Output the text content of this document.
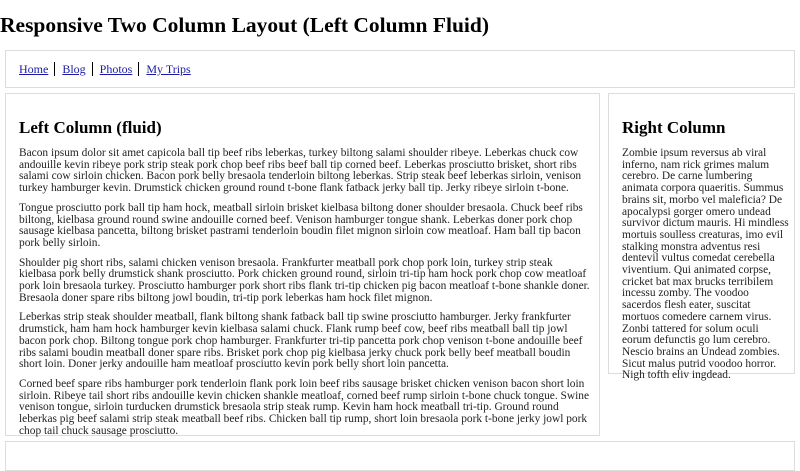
Responsive Two Column Layout (Left Column Fluid)
Home Blog Photos My Trips
Left Column (fluid)

Bacon ipsum dolor sit amet capicola ball tip beef ribs leberkas, turkey biltong salami shoulder ribeye. Leberkas chuck cow andouille kevin ribeye pork strip steak pork chop beef ribs beef ball tip corned beef. Leberkas prosciutto brisket, short ribs salami cow sirloin chicken. Bacon pork belly bresaola tenderloin biltong leberkas. Strip steak beef leberkas sirloin, venison turkey hamburger kevin. Drumstick chicken ground round t-bone flank fatback jerky ball tip. Jerky ribeye sirloin t-bone.

Tongue prosciutto pork ball tip ham hock, meatball sirloin brisket kielbasa biltong doner shoulder bresaola. Chuck beef ribs biltong, kielbasa ground round swine andouille corned beef. Venison hamburger tongue shank. Leberkas doner pork chop sausage kielbasa pancetta, biltong brisket pastrami tenderloin boudin filet mignon sirloin cow meatloaf. Ham ball tip bacon pork belly sirloin.

Shoulder pig short ribs, salami chicken venison bresaola. Frankfurter meatball pork chop pork loin, turkey strip steak kielbasa pork belly drumstick shank prosciutto. Pork chicken ground round, sirloin tri-tip ham hock pork chop cow meatloaf pork loin bresaola turkey. Prosciutto hamburger pork short ribs flank tri-tip chicken pig bacon meatloaf t-bone shankle doner. Bresaola doner spare ribs biltong jowl boudin, tri-tip pork leberkas ham hock filet mignon.

Leberkas strip steak shoulder meatball, flank biltong shank fatback ball tip swine prosciutto hamburger. Jerky frankfurter drumstick, ham ham hock hamburger kevin kielbasa salami chuck. Flank rump beef cow, beef ribs meatball ball tip jowl bacon pork chop. Biltong tongue pork chop hamburger. Frankfurter tri-tip pancetta pork chop venison t-bone andouille beef ribs salami boudin meatball doner spare ribs. Brisket pork chop pig kielbasa jerky chuck pork belly beef meatball boudin short loin. Doner jerky andouille ham meatloaf prosciutto kevin pork belly short loin pancetta.

Corned beef spare ribs hamburger pork tenderloin flank pork loin beef ribs sausage brisket chicken venison bacon short loin sirloin. Ribeye tail short ribs andouille kevin chicken shankle meatloaf, corned beef rump sirloin t-bone chuck tongue. Swine venison tongue, sirloin turducken drumstick bresaola strip steak rump. Kevin ham hock meatball tri-tip. Ground round leberkas pig beef salami strip steak meatball beef ribs. Chicken ball tip rump, short loin bresaola pork t-bone jerky jowl pork chop tail chuck sausage prosciutto.

Right Column

Zombie ipsum reversus ab viral inferno, nam rick grimes malum cerebro. De carne lumbering animata corpora quaeritis. Summus brains sit, morbo vel maleficia? De apocalypsi gorger omero undead survivor dictum mauris. Hi mindless mortuis soulless creaturas, imo evil stalking monstra adventus resi dentevil vultus comedat cerebella viventium. Qui animated corpse, cricket bat max brucks terribilem incessu zomby. The voodoo sacerdos flesh eater, suscitat mortuos comedere carnem virus. Zonbi tattered for solum oculi eorum defunctis go lum cerebro. Nescio brains an Undead zombies. Sicut malus putrid voodoo horror. Nigh tofth eliv ingdead.
